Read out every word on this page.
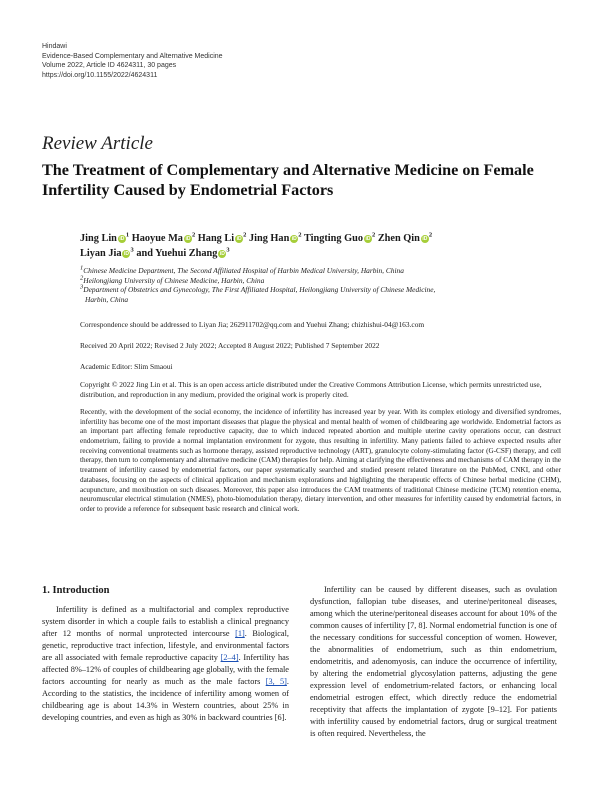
Hindawi
Evidence-Based Complementary and Alternative Medicine
Volume 2022, Article ID 4624311, 30 pages
https://doi.org/10.1155/2022/4624311
Review Article
The Treatment of Complementary and Alternative Medicine on Female Infertility Caused by Endometrial Factors
Jing Lin $iD^1$ Haoyue Ma $iD^2$ Hang Li $iD^2$ Jing Han $iD^2$ Tingting Guo $iD^2$ Zhen Qin $iD^2$
Liyan Jia $iD^3$ and Yuehui Zhang $iD^3$
$^1$Chinese Medicine Department, The Second Affiliated Hospital of Harbin Medical University, Harbin, China
$^2$Heilongjiang University of Chinese Medicine, Harbin, China
$^3$Department of Obstetrics and Gynecology, The First Affiliated Hospital, Heilongjiang University of Chinese Medicine,
Harbin, China
Correspondence should be addressed to Liyan Jia; 262911702@qq.com and Yuehui Zhang; chizhishui-04@163.com
Received 20 April 2022; Revised 2 July 2022; Accepted 8 August 2022; Published 7 September 2022
Academic Editor: Slim Smaoui
Copyright © 2022 Jing Lin et al. This is an open access article distributed under the Creative Commons Attribution License, which permits unrestricted use, distribution, and reproduction in any medium, provided the original work is properly cited.
Recently, with the development of the social economy, the incidence of infertility has increased year by year. With its complex etiology and diversified syndromes, infertility has become one of the most important diseases that plague the physical and mental health of women of childbearing age worldwide. Endometrial factors as an important part affecting female reproductive capacity, due to which induced repeated abortion and multiple uterine cavity operations occur, can destruct endometrium, failing to provide a normal implantation environment for zygote, thus resulting in infertility. Many patients failed to achieve expected results after receiving conventional treatments such as hormone therapy, assisted reproductive technology (ART), granulocyte colony-stimulating factor (G-CSF) therapy, and cell therapy, then turn to complementary and alternative medicine (CAM) therapies for help. Aiming at clarifying the effectiveness and mechanisms of CAM therapy in the treatment of infertility caused by endometrial factors, our paper systematically searched and studied present related literature on the PubMed, CNKI, and other databases, focusing on the aspects of clinical application and mechanism explorations and highlighting the therapeutic effects of Chinese herbal medicine (CHM), acupuncture, and moxibustion on such diseases. Moreover, this paper also introduces the CAM treatments of traditional Chinese medicine (TCM) retention enema, neuromuscular electrical stimulation (NMES), photo-biomodulation therapy, dietary intervention, and other measures for infertility caused by endometrial factors, in order to provide a reference for subsequent basic research and clinical work.
1. Introduction

Infertility is defined as a multifactorial and complex reproductive system disorder in which a couple fails to establish a clinical pregnancy after 12 months of normal unprotected intercourse [1]. Biological, genetic, reproductive tract infection, lifestyle, and environmental factors are all associated with female reproductive capacity [2–4]. Infertility has affected 8%–12% of couples of childbearing age globally, with the female factors accounting for nearly as much as the male factors [3, 5]. According to the statistics, the incidence of infertility among women of childbearing age is about 14.3% in Western countries, about 25% in developing countries, and even as high as 30% in backward countries [6].

Infertility can be caused by different diseases, such as ovulation dysfunction, fallopian tube diseases, and uterine/peritoneal diseases, among which the uterine/peritoneal diseases account for about 10% of the common causes of infertility [7, 8]. Normal endometrial function is one of the necessary conditions for successful conception of women. However, the abnormalities of endometrium, such as thin endometrium, endometritis, and adenomyosis, can induce the occurrence of infertility, by altering the endometrial glycosylation patterns, adjusting the gene expression level of endometrium-related factors, or enhancing local endometrial estrogen effect, which directly reduce the endometrial receptivity that affects the implantation of zygote [9–12]. For patients with infertility caused by endometrial factors, drug or surgical treatment is often required. Nevertheless, the
